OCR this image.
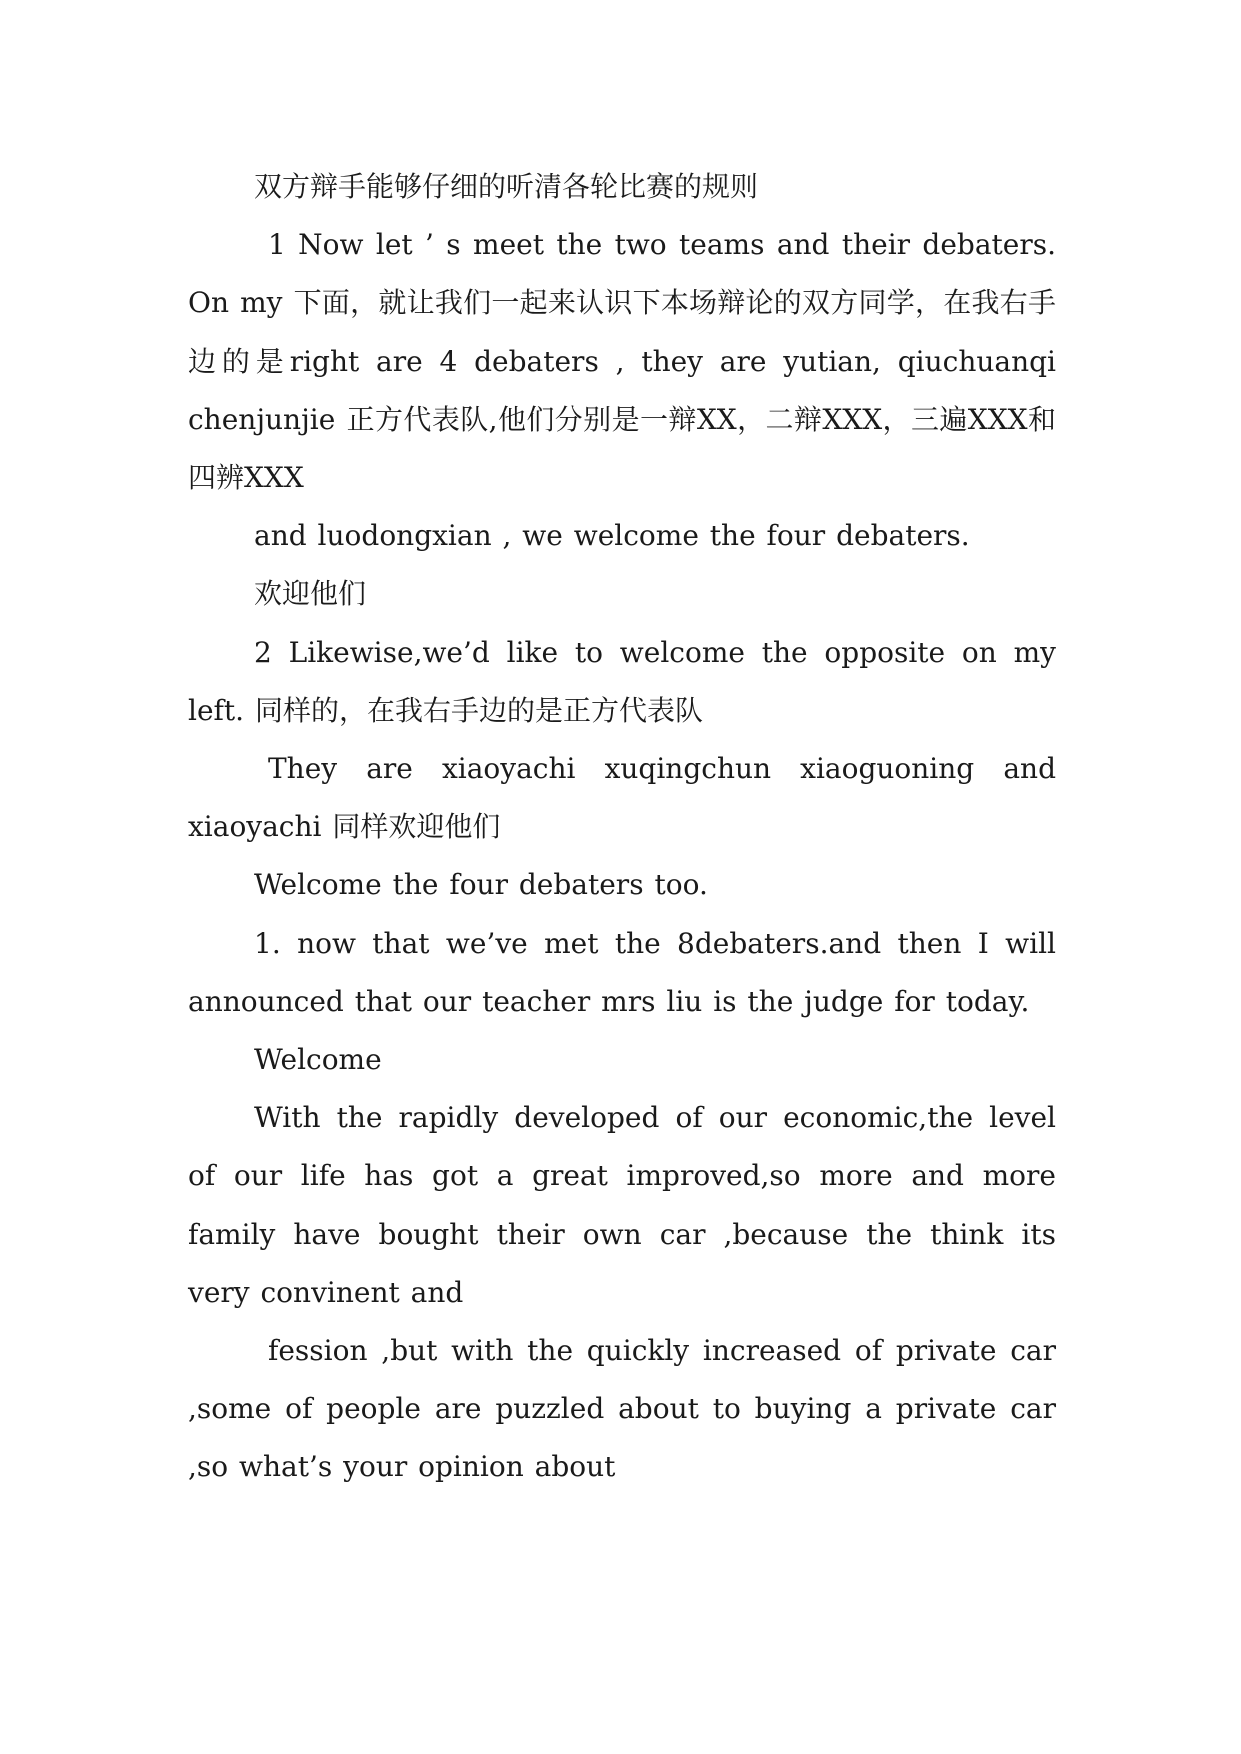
双方辩手能够仔细的听清各轮比赛的规则

1 Now let ’ s meet the two teams and their debaters. On my 下面，就让我们一起来认识下本场辩论的双方同学，在我右手边的是right are 4 debaters , they are yutian, qiuchuanqi chenjunjie 正方代表队,他们分别是一辩XX，二辩XXX，三遍XXX和四辨XXX

and luodongxian , we welcome the four debaters.

欢迎他们

2 Likewise,we’d like to welcome the opposite on my left. 同样的，在我右手边的是正方代表队

They are xiaoyachi xuqingchun xiaoguoning and xiaoyachi 同样欢迎他们

Welcome the four debaters too.

1. now that we’ve met the 8debaters.and then I will announced that our teacher mrs liu is the judge for today.

Welcome

With the rapidly developed of our economic,the level of our life has got a great improved,so more and more family have bought their own car ,because the think its very convinent and

fession ,but with the quickly increased of private car ,some of people are puzzled about to buying a private car ,so what’s your opinion about
